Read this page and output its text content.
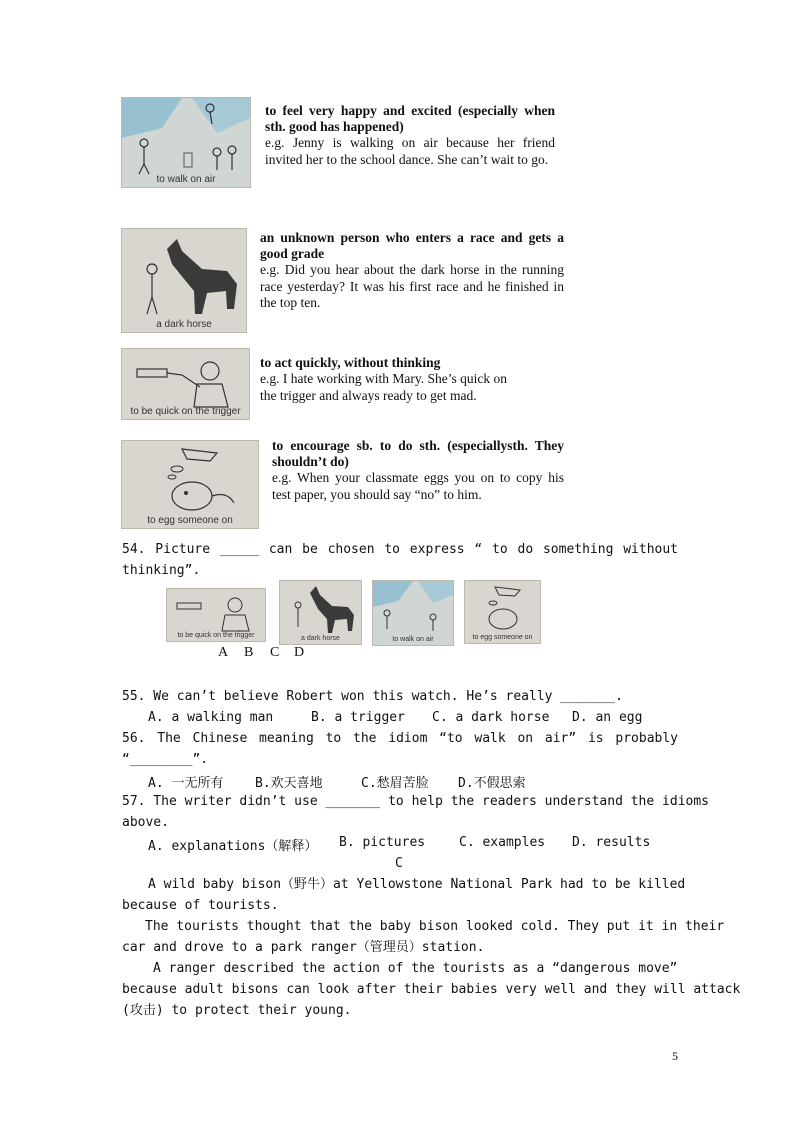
to walk on air
to feel very happy and excited (especially when sth. good has happened)
e.g. Jenny is walking on air because her friend invited her to the school dance. She can’t wait to go.
a dark horse
an unknown person who enters a race and gets a good grade
e.g. Did you hear about the dark horse in the running race yesterday? It was his first race and he finished in the top ten.
to be quick on the trigger
to act quickly, without thinking
e.g. I hate working with Mary. She’s quick on
the trigger and always ready to get mad.
to egg someone on
to encourage sb. to do sth. (especiallysth. They shouldn’t do)
e.g. When your classmate eggs you on to copy his test paper, you should say “no” to him.
54. Picture _____ can be chosen to express “ to do something without
thinking”.
to be quick on the trigger	a dark horse	to walk on air	to egg someone on
A B C D
55. We can’t believe Robert won this watch. He’s really _______.
A. a walking man	B. a trigger C. a dark horse D. an egg
56. The Chinese meaning to the idiom “to walk on air” is probably
“________”.
A. 一无所有 B.欢天喜地	C.愁眉苦脸 D.不假思索
57. The writer didn’t use _______ to help the readers understand the idioms
above.
A. explanations（解释） B. pictures	C. examples D. results
C
A wild baby bison（野牛）at Yellowstone National Park had to be killed
because of tourists.
The tourists thought that the baby bison looked cold. They put it in their
car and drove to a park ranger（管理员）station.
A ranger described the action of the tourists as a “dangerous move”
because adult bisons can look after their babies very well and they will attack
(攻击) to protect their young.
5
